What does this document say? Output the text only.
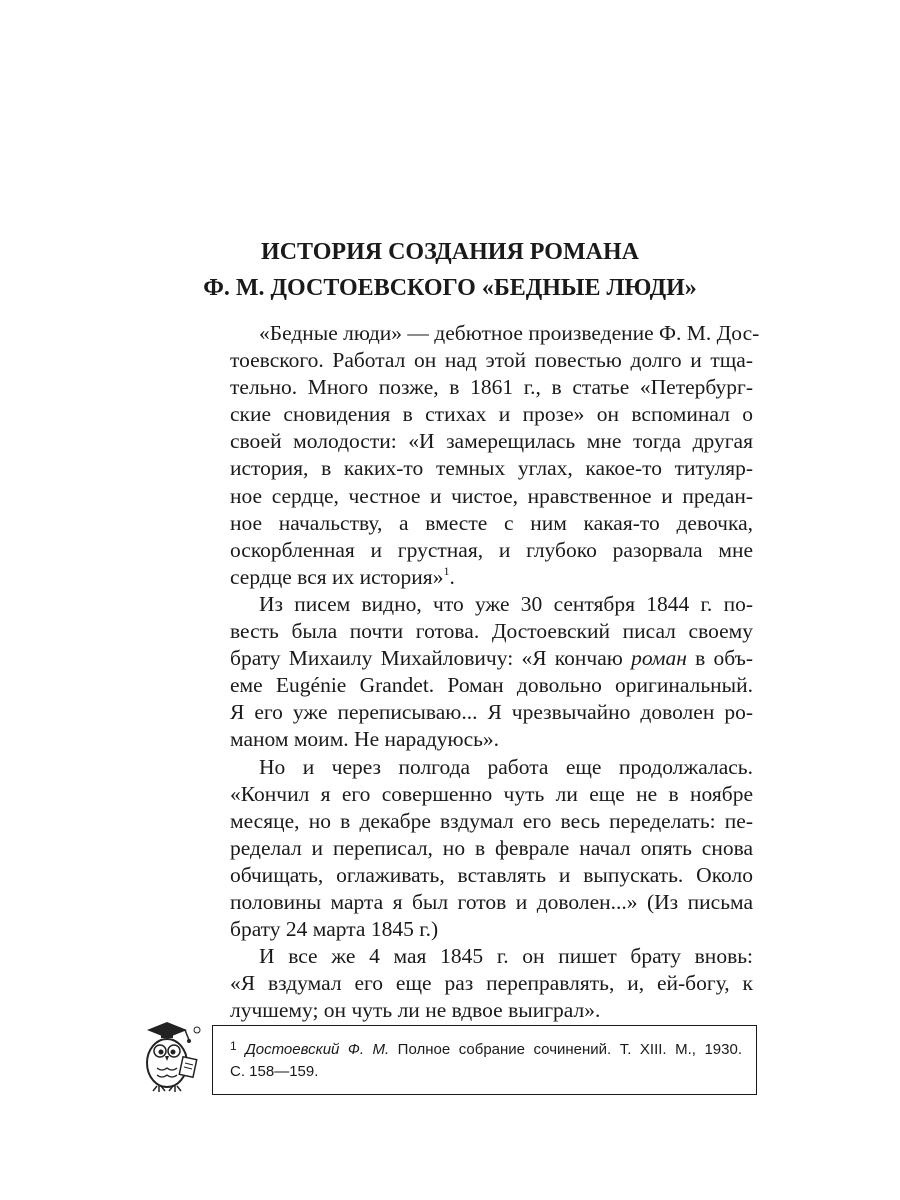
ИСТОРИЯ СОЗДАНИЯ РОМАНА
Ф. М. ДОСТОЕВСКОГО «БЕДНЫЕ ЛЮДИ»
«Бедные люди» — дебютное произведение Ф. М. Дос-
тоевского. Работал он над этой повестью долго и тща-
тельно. Много позже, в 1861 г., в статье «Петербург-
ские сновидения в стихах и прозе» он вспоминал о
своей молодости: «И замерещилась мне тогда другая
история, в каких-то темных углах, какое-то титуляр-
ное сердце, честное и чистое, нравственное и предан-
ное начальству, а вместе с ним какая-то девочка,
оскорбленная и грустная, и глубоко разорвала мне
сердце вся их история»$^1$.
Из писем видно, что уже 30 сентября 1844 г. по-
весть была почти готова. Достоевский писал своему
брату Михаилу Михайловичу: «Я кончаю роман в объ-
еме Eugénie Grandet. Роман довольно оригинальный.
Я его уже переписываю... Я чрезвычайно доволен ро-
маном моим. Не нарадуюсь».
Но и через полгода работа еще продолжалась.
«Кончил я его совершенно чуть ли еще не в ноябре
месяце, но в декабре вздумал его весь переделать: пе-
ределал и переписал, но в феврале начал опять снова
обчищать, оглаживать, вставлять и выпускать. Около
половины марта я был готов и доволен...» (Из письма
брату 24 марта 1845 г.)
И все же 4 мая 1845 г. он пишет брату вновь:
«Я вздумал его еще раз переправлять, и, ей-богу, к
лучшему; он чуть ли не вдвое выиграл».
$^1$ Достоевский Ф. М. Полное собрание сочинений. Т. XIII. М., 1930.
С. 158—159.
